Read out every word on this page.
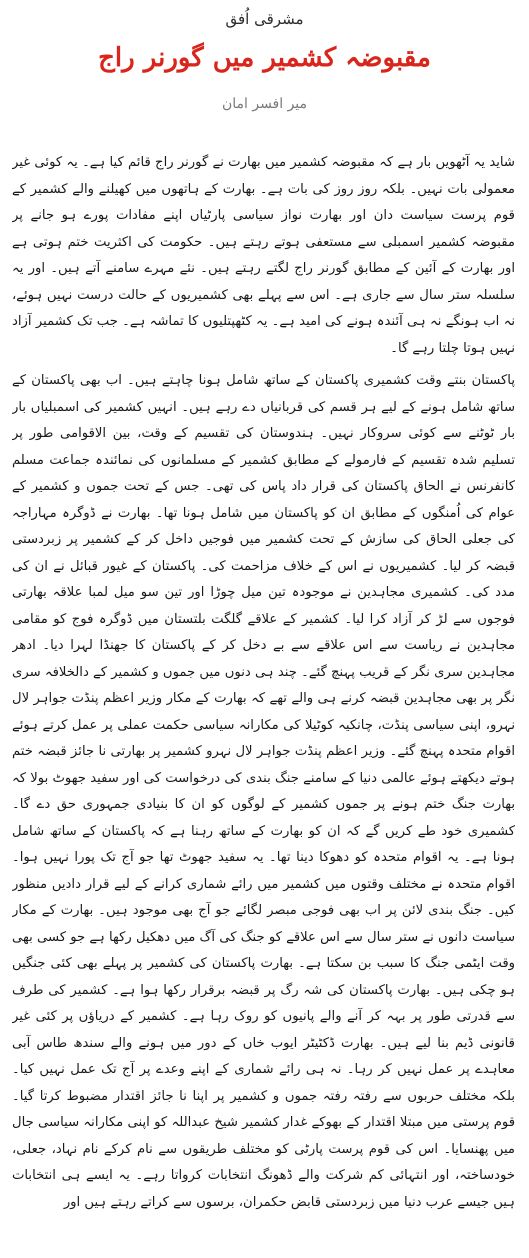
مشرقی اُفق
مقبوضہ کشمیر میں گورنر راج
میر افسر امان

شاید یہ آٹھویں بار ہے کہ مقبوضہ کشمیر میں بھارت نے گورنر راج قائم کیا ہے۔ یہ کوئی غیر معمولی بات نہیں۔ بلکہ روز روز کی بات ہے۔ بھارت کے ہاتھوں میں کھیلنے والے کشمیر کے قوم پرست سیاست دان اور بھارت نواز سیاسی پارٹیاں اپنے مفادات پورے ہو جانے پر مقبوضہ کشمیر اسمبلی سے مستعفی ہوتے رہتے ہیں۔ حکومت کی اکثریت ختم ہوتی ہے اور بھارت کے آئین کے مطابق گورنر راج لگتے رہتے ہیں۔ نئے مہرے سامنے آتے ہیں۔ اور یہ سلسلہ ستر سال سے جاری ہے۔ اس سے پہلے بھی کشمیریوں کے حالت درست نہیں ہوئے، نہ اب ہونگے نہ ہی آئندہ ہونے کی امید ہے۔ یہ کٹھپتلیوں کا تماشہ ہے۔ جب تک کشمیر آزاد نہیں ہوتا چلتا رہے گا۔

پاکستان بنتے وقت کشمیری پاکستان کے ساتھ شامل ہونا چاہتے ہیں۔ اب بھی پاکستان کے ساتھ شامل ہونے کے لیے ہر قسم کی قربانیاں دے رہے ہیں۔ انہیں کشمیر کی اسمبلیاں بار بار ٹوٹنے سے کوئی سروکار نہیں۔ ہندوستان کی تقسیم کے وقت، بین الاقوامی طور پر تسلیم شدہ تقسیم کے فارمولے کے مطابق کشمیر کے مسلمانوں کی نمائندہ جماعت مسلم کانفرنس نے الحاق پاکستان کی قرار داد پاس کی تھی۔ جس کے تحت جموں و کشمیر کے عوام کی اُمنگوں کے مطابق ان کو پاکستان میں شامل ہونا تھا۔ بھارت نے ڈوگرہ مہاراجہ کی جعلی الحاق کی سازش کے تحت کشمیر میں فوجیں داخل کر کے کشمیر پر زبردستی قبضہ کر لیا۔ کشمیریوں نے اس کے خلاف مزاحمت کی۔ پاکستان کے غیور قبائل نے ان کی مدد کی۔ کشمیری مجاہدین نے موجودہ تین میل چوڑا اور تین سو میل لمبا علاقہ بھارتی فوجوں سے لڑ کر آزاد کرا لیا۔ کشمیر کے علاقے گلگت بلتستان میں ڈوگرہ فوج کو مقامی مجاہدین نے ریاست سے اس علاقے سے بے دخل کر کے پاکستان کا جھنڈا لہرا دیا۔ ادھر مجاہدین سری نگر کے قریب پہنچ گئے۔ چند ہی دنوں میں جموں و کشمیر کے دالخلافہ سری نگر پر بھی مجاہدین قبضہ کرنے ہی والے تھے کہ بھارت کے مکار وزیر اعظم پنڈت جواہر لال نہرو، اپنی سیاسی پنڈت، چانکیہ کوٹیلا کی مکارانہ سیاسی حکمت عملی پر عمل کرتے ہوئے اقوام متحدہ پہنچ گئے۔ وزیر اعظم پنڈت جواہر لال نہرو کشمیر پر بھارتی نا جائز قبضہ ختم ہوتے دیکھتے ہوئے عالمی دنیا کے سامنے جنگ بندی کی درخواست کی اور سفید جھوٹ بولا کہ بھارت جنگ ختم ہونے پر جموں کشمیر کے لوگوں کو ان کا بنیادی جمہوری حق دے گا۔ کشمیری خود طے کریں گے کہ ان کو بھارت کے ساتھ رہنا ہے کہ پاکستان کے ساتھ شامل ہونا ہے۔ یہ اقوام متحدہ کو دھوکا دینا تھا۔ یہ سفید جھوٹ تھا جو آج تک پورا نہیں ہوا۔ اقوام متحدہ نے مختلف وقتوں میں کشمیر میں رائے شماری کرانے کے لیے قرار دادیں منظور کیں۔ جنگ بندی لائن پر اب بھی فوجی مبصر لگائے جو آج بھی موجود ہیں۔ بھارت کے مکار سیاست دانوں نے ستر سال سے اس علاقے کو جنگ کی آگ میں دھکیل رکھا ہے جو کسی بھی وقت ایٹمی جنگ کا سبب بن سکتا ہے۔ بھارت پاکستان کی کشمیر پر پہلے بھی کئی جنگیں ہو چکی ہیں۔ بھارت پاکستان کی شہ رگ پر قبضہ برقرار رکھا ہوا ہے۔ کشمیر کی طرف سے قدرتی طور پر بہہ کر آنے والے پانیوں کو روک رہا ہے۔ کشمیر کے دریاؤں پر کئی غیر قانونی ڈیم بنا لیے ہیں۔ بھارت ڈکٹیٹر ایوب خاں کے دور میں ہونے والے سندھ طاس آبی معاہدے پر عمل نہیں کر رہا۔ نہ ہی رائے شماری کے اپنے وعدے پر آج تک عمل نہیں کیا۔ بلکہ مختلف حربوں سے رفتہ رفتہ جموں و کشمیر پر اپنا نا جائز اقتدار مضبوط کرتا گیا۔ قوم پرستی میں مبتلا اقتدار کے بھوکے غدار کشمیر شیخ عبداللہ کو اپنی مکارانہ سیاسی جال میں پھنسایا۔ اس کی قوم پرست پارٹی کو مختلف طریقوں سے نام کرکے نام نہاد، جعلی، خودساختہ، اور انتہائی کم شرکت والے ڈھونگ انتخابات کرواتا رہے۔ یہ ایسے ہی انتخابات ہیں جیسے عرب دنیا میں زبردستی قابض حکمران، برسوں سے کراتے رہتے ہیں اور
